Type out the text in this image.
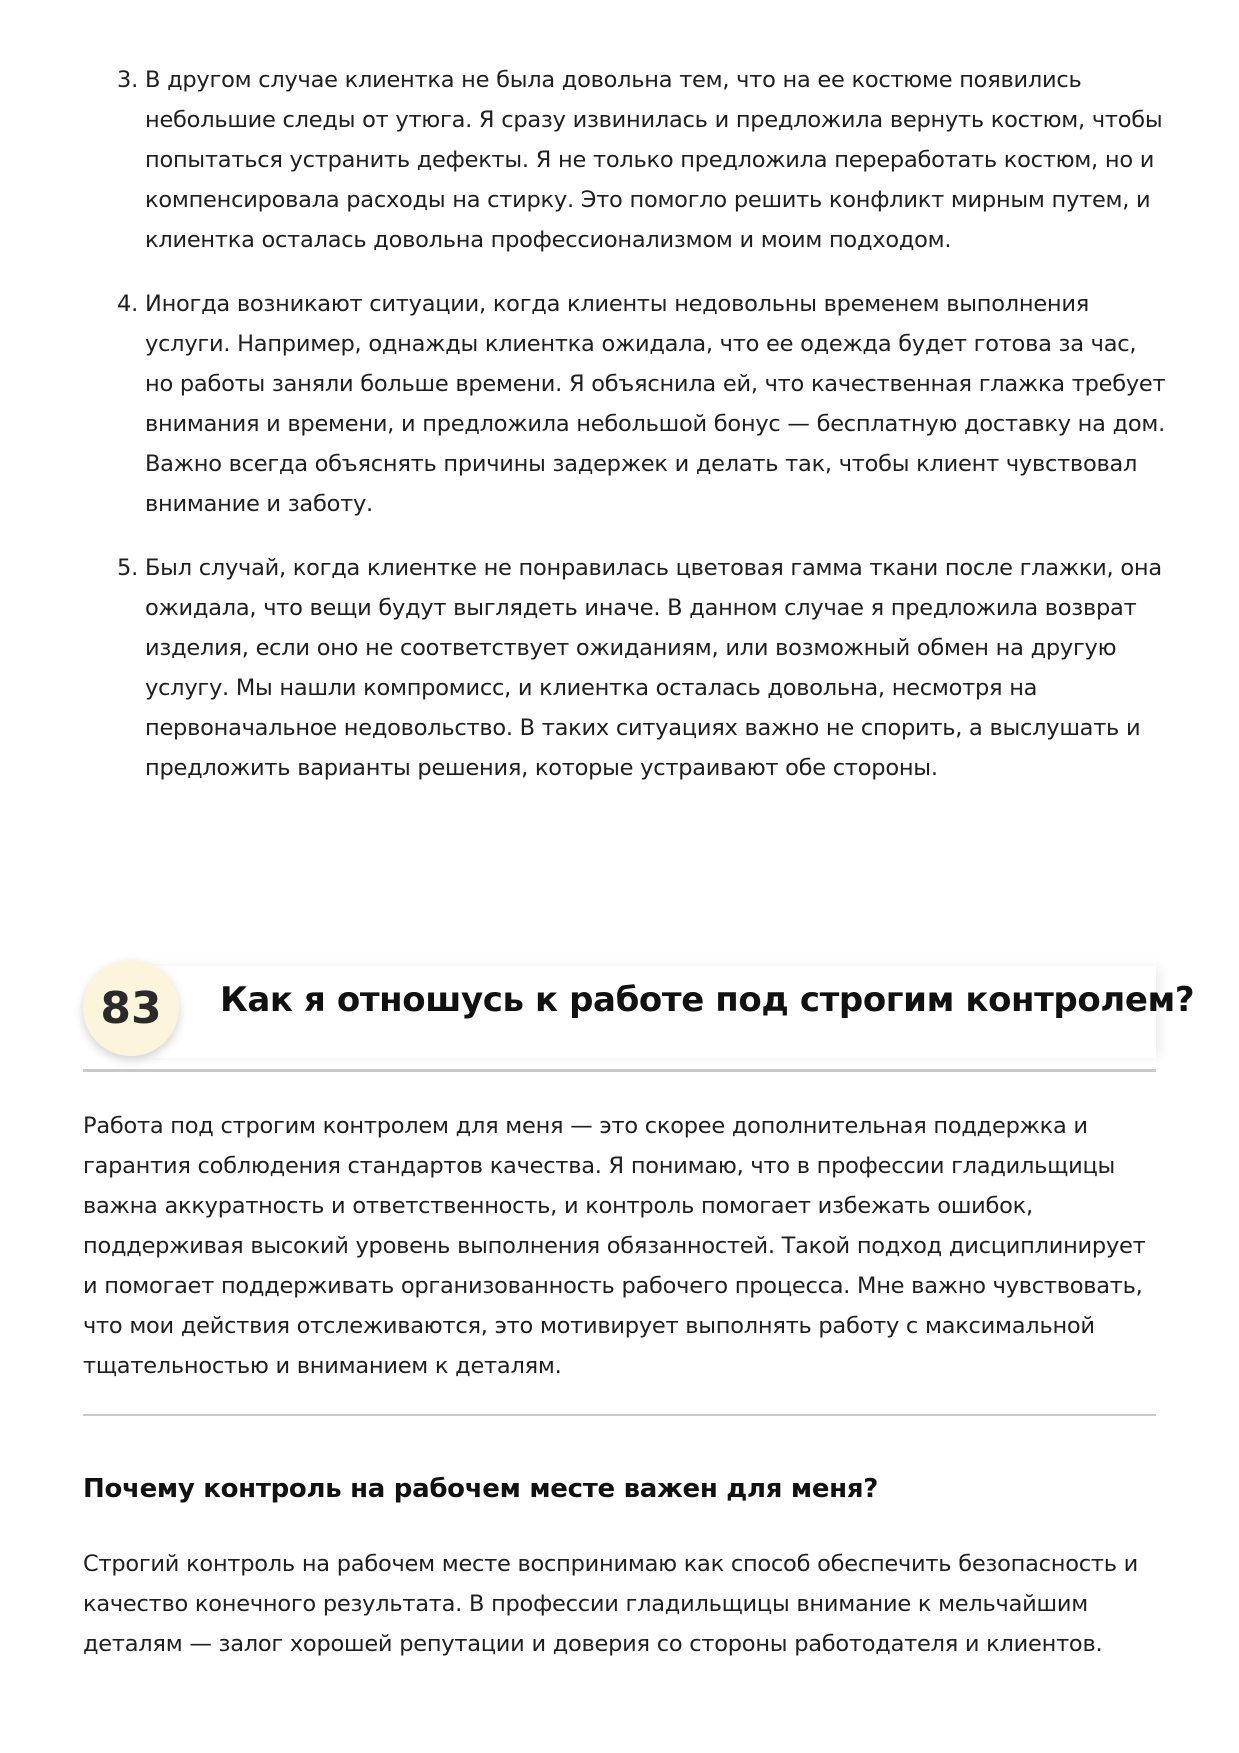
3. В другом случае клиентка не была довольна тем, что на ее костюме появились небольшие следы от утюга. Я сразу извинилась и предложила вернуть костюм, чтобы попытаться устранить дефекты. Я не только предложила переработать костюм, но и компенсировала расходы на стирку. Это помогло решить конфликт мирным путем, и клиентка осталась довольна профессионализмом и моим подходом.
4. Иногда возникают ситуации, когда клиенты недовольны временем выполнения услуги. Например, однажды клиентка ожидала, что ее одежда будет готова за час, но работы заняли больше времени. Я объяснила ей, что качественная глажка требует внимания и времени, и предложила небольшой бонус — бесплатную доставку на дом. Важно всегда объяснять причины задержек и делать так, чтобы клиент чувствовал внимание и заботу.
5. Был случай, когда клиентке не понравилась цветовая гамма ткани после глажки, она ожидала, что вещи будут выглядеть иначе. В данном случае я предложила возврат изделия, если оно не соответствует ожиданиям, или возможный обмен на другую услугу. Мы нашли компромисс, и клиентка осталась довольна, несмотря на первоначальное недовольство. В таких ситуациях важно не спорить, а выслушать и предложить варианты решения, которые устраивают обе стороны.
83	Как я отношусь к работе под строгим контролем?

Работа под строгим контролем для меня — это скорее дополнительная поддержка и гарантия соблюдения стандартов качества. Я понимаю, что в профессии гладильщицы важна аккуратность и ответственность, и контроль помогает избежать ошибок, поддерживая высокий уровень выполнения обязанностей. Такой подход дисциплинирует и помогает поддерживать организованность рабочего процесса. Мне важно чувствовать, что мои действия отслеживаются, это мотивирует выполнять работу с максимальной тщательностью и вниманием к деталям.

Почему контроль на рабочем месте важен для меня?

Строгий контроль на рабочем месте воспринимаю как способ обеспечить безопасность и качество конечного результата. В профессии гладильщицы внимание к мельчайшим деталям — залог хорошей репутации и доверия со стороны работодателя и клиентов.
